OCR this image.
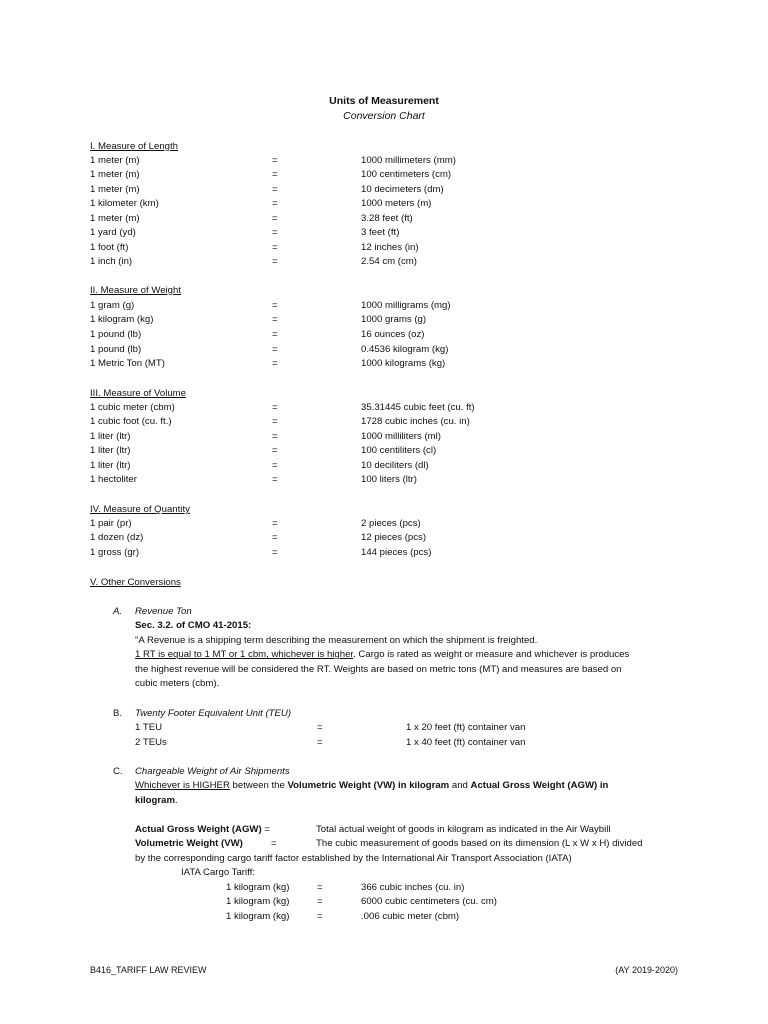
Units of Measurement
Conversion Chart
I. Measure of Length
1 meter (m)	=	1000 millimeters (mm)
1 meter (m)	=	100 centimeters (cm)
1 meter (m)	=	10 decimeters (dm)
1 kilometer (km)	=	1000 meters (m)
1 meter (m)	=	3.28 feet (ft)
1 yard (yd)	=	3 feet (ft)
1 foot (ft)	=	12 inches (in)
1 inch (in)	=	2.54 cm (cm)
II. Measure of Weight
1 gram (g)	=	1000 milligrams (mg)
1 kilogram (kg)	=	1000 grams (g)
1 pound (lb)	=	16 ounces (oz)
1 pound (lb)	=	0.4536 kilogram (kg)
1 Metric Ton (MT)	=	1000 kilograms (kg)
III. Measure of Volume
1 cubic meter (cbm)	=	35.31445 cubic feet (cu. ft)
1 cubic foot (cu. ft.)	=	1728 cubic inches (cu. in)
1 liter (ltr)	=	1000 milliliters (ml)
1 liter (ltr)	=	100 centiliters (cl)
1 liter (ltr)	=	10 deciliters (dl)
1 hectoliter	=	100 liters (ltr)
IV. Measure of Quantity
1 pair (pr)	=	2 pieces (pcs)
1 dozen (dz)	=	12 pieces (pcs)
1 gross (gr)	=	144 pieces (pcs)
V. Other Conversions
A. Revenue Ton
Sec. 3.2. of CMO 41-2015:
"A Revenue is a shipping term describing the measurement on which the shipment is freighted.
1 RT is equal to 1 MT or 1 cbm, whichever is higher. Cargo is rated as weight or measure and whichever is produces
the highest revenue will be considered the RT. Weights are based on metric tons (MT) and measures are based on
cubic meters (cbm).
B. Twenty Footer Equivalent Unit (TEU)
1 TEU	=	1 x 20 feet (ft) container van
2 TEUs	=	1 x 40 feet (ft) container van
C. Chargeable Weight of Air Shipments
Whichever is HIGHER between the Volumetric Weight (VW) in kilogram and Actual Gross Weight (AGW) in
kilogram.
Actual Gross Weight (AGW) =	Total actual weight of goods in kilogram as indicated in the Air Waybill
Volumetric Weight (VW)	=	The cubic measurement of goods based on its dimension (L x W x H) divided
by the corresponding cargo tariff factor established by the International Air Transport Association (IATA)
IATA Cargo Tariff:
1 kilogram (kg)	=	366 cubic inches (cu. in)
1 kilogram (kg)	=	6000 cubic centimeters (cu. cm)
1 kilogram (kg)	=	.006 cubic meter (cbm)
B416_TARIFF LAW REVIEW	(AY 2019-2020)
